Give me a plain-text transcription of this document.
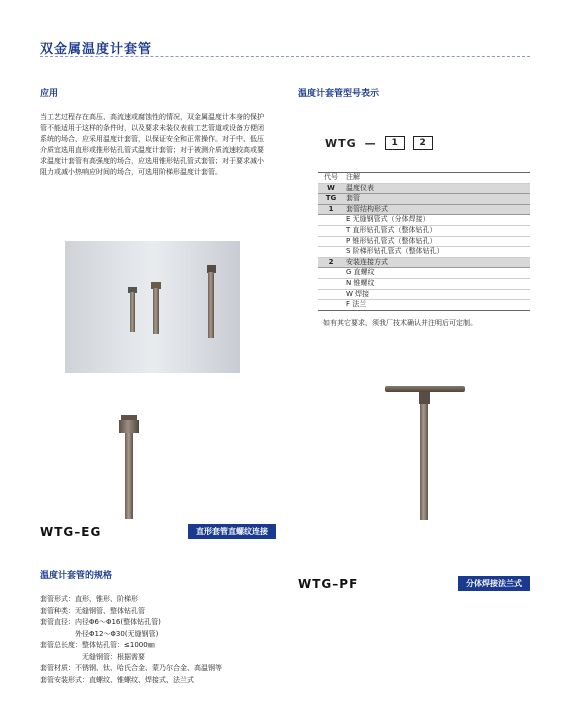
双金属温度计套管
应用
当工艺过程存在高压、高流速或腐蚀性的情况，双金属温度计本身的保护管不能适用于这样的条件时，以及要求未装仪表前工艺管道或设备方便闭系统的场合，应采用温度计套管，以保证安全和正常操作。对于中、低压介质宜选用直形或推形钻孔管式温度计套管；对于被测介质流速较高或要求温度计套管有高强度的场合，应选用锥形钻孔管式套管；对于要求减小阻力或减小热响应时间的场合，可选用阶梯形温度计套管。
WTG–EG	直形套管直螺纹连接
温度计套管的规格
套管形式：直形、锥形、阶梯形
套管种类：无缝钢管、整体钻孔管
套管直径：内径Φ6～Φ16(整体钻孔管)
　　　　　外径Φ12～Φ30(无缝钢管)
套管总长度：整体钻孔管：≤1000㎜
　　　　　　无缝钢管：根据需要
套管材质：不锈钢、钛、哈氏合金、蒙乃尔合金、高温钢等
套管安装形式：直螺纹、锥螺纹、焊接式、法兰式
温度计套管型号表示
WTG —	1	2
代号	注解
W	温度仪表
TG	套管
1	套管结构形式
E 无缝钢管式（分体焊接）
T 直形钻孔管式（整体钻孔）
P 锥形钻孔管式（整体钻孔）
S 阶梯形钻孔管式（整体钻孔）
2	安装连接方式
G 直螺纹
N 锥螺纹
W 焊接
F 法兰
如有其它要求，须我厂技术确认并注明后可定制。
WTG–PF	分体焊接法兰式
